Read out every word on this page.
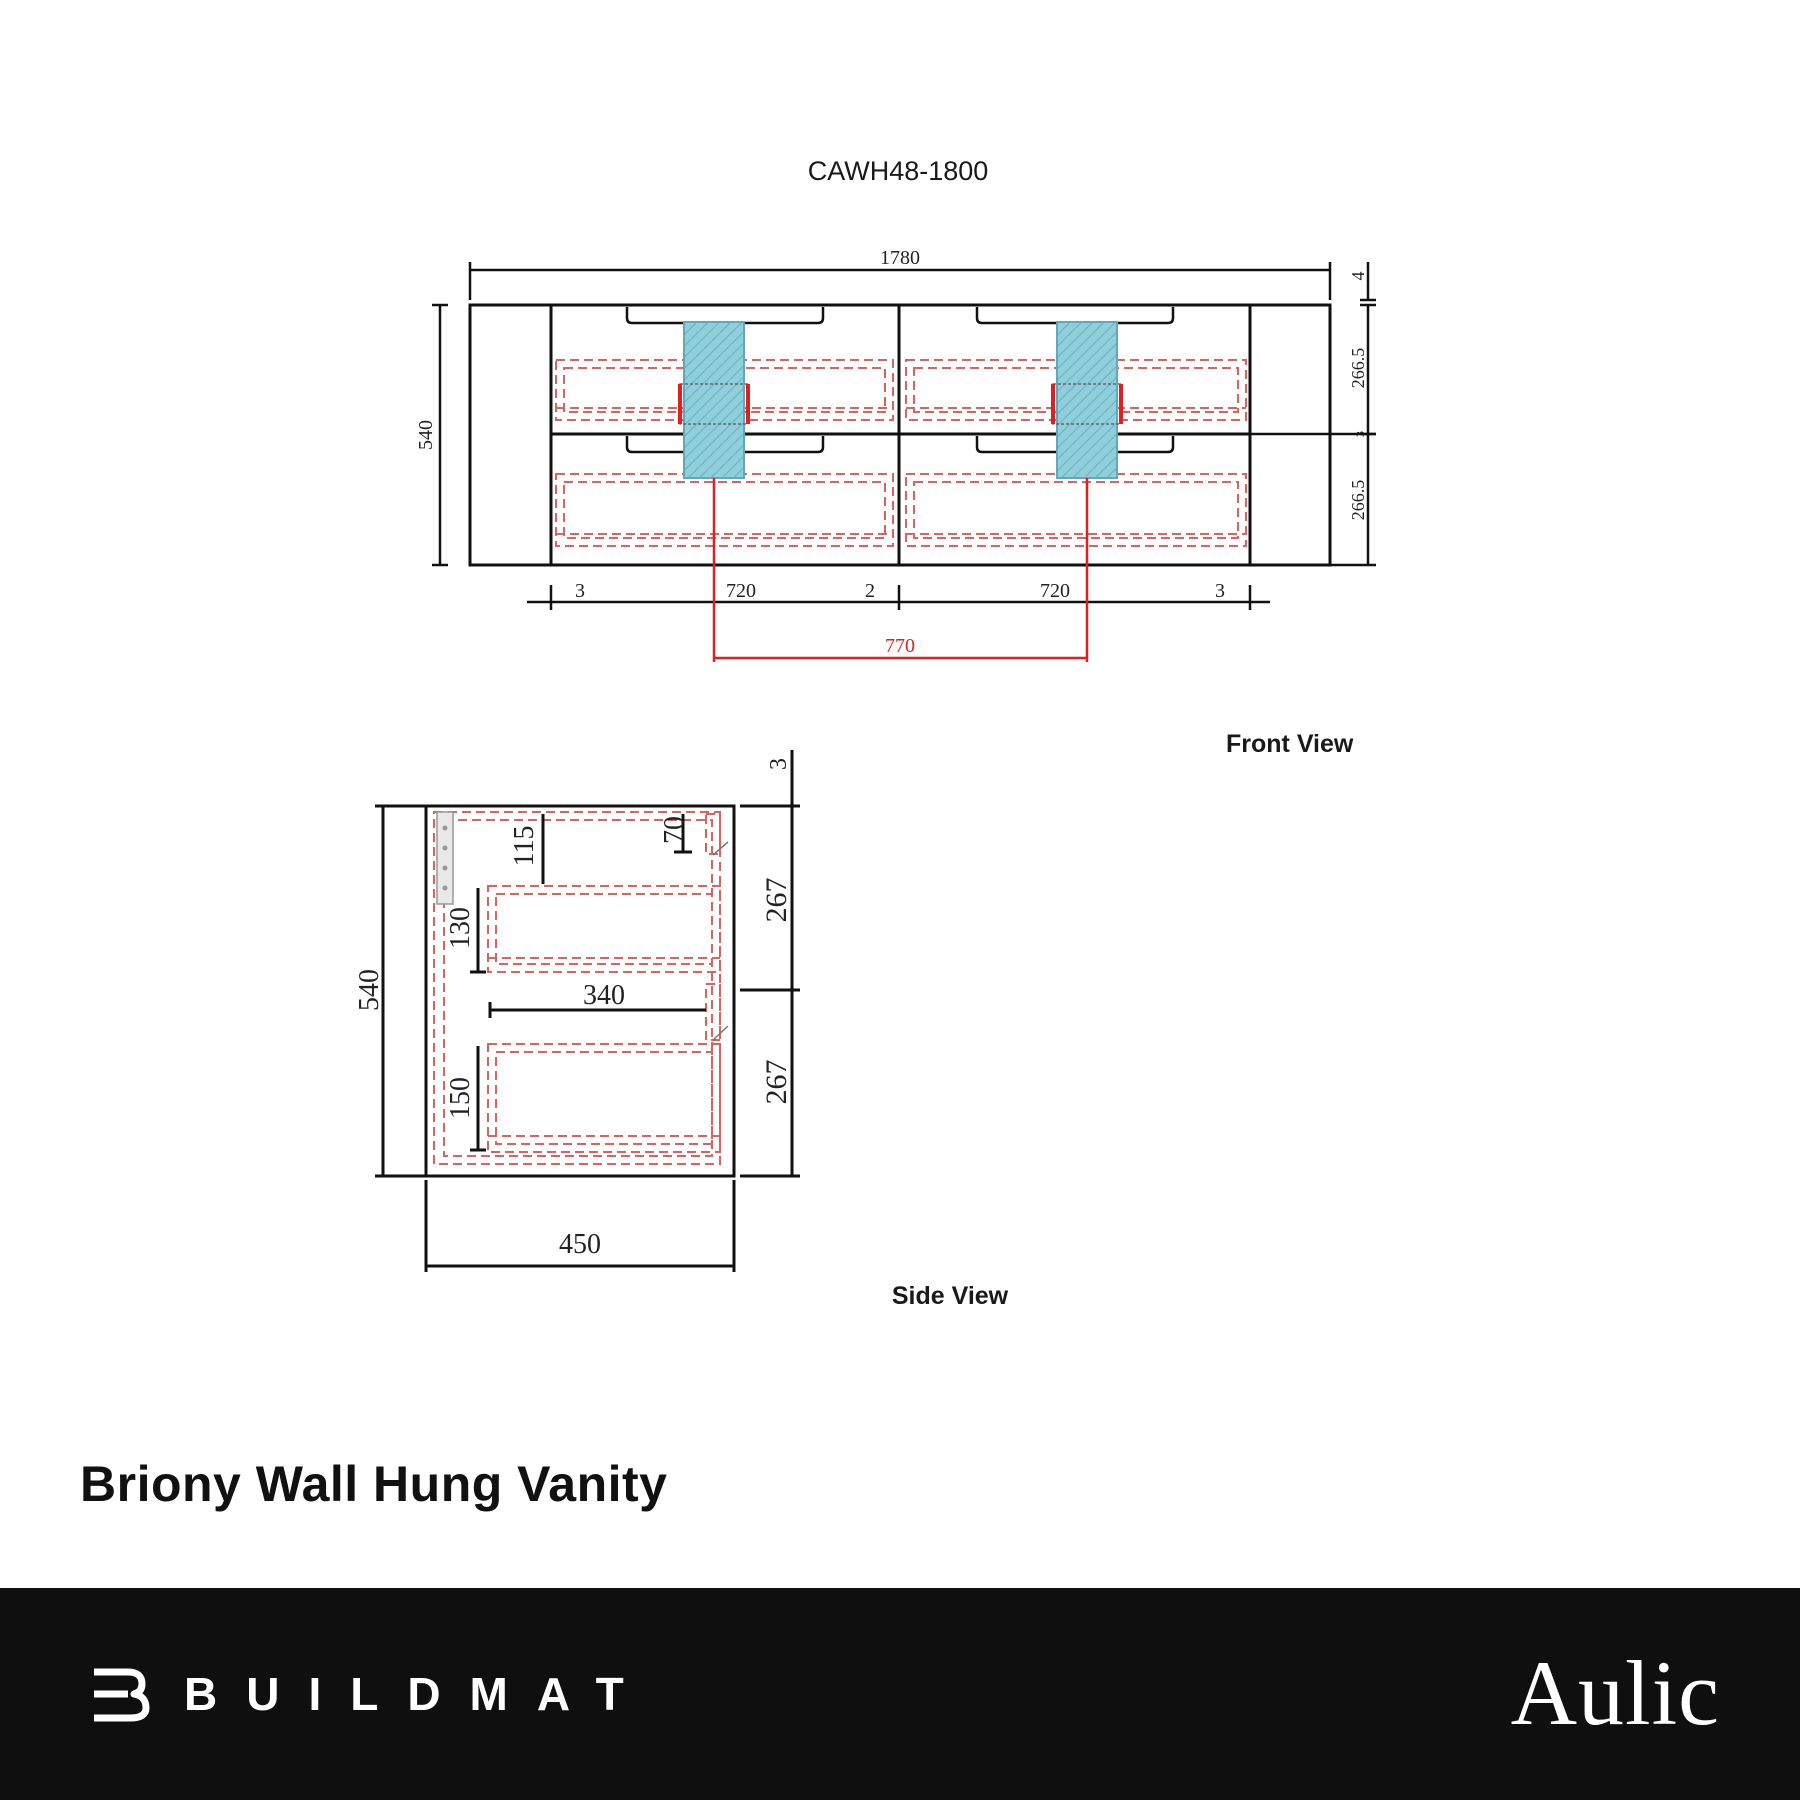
CAWH48-1800
1780
4
540
266.5
3
266.5
3	720	2	720	3
770
Front View
115	70
130
340
150
540
450
3
267
267
Side View
Briony Wall Hung Vanity
BUILDMAT	Aulic
